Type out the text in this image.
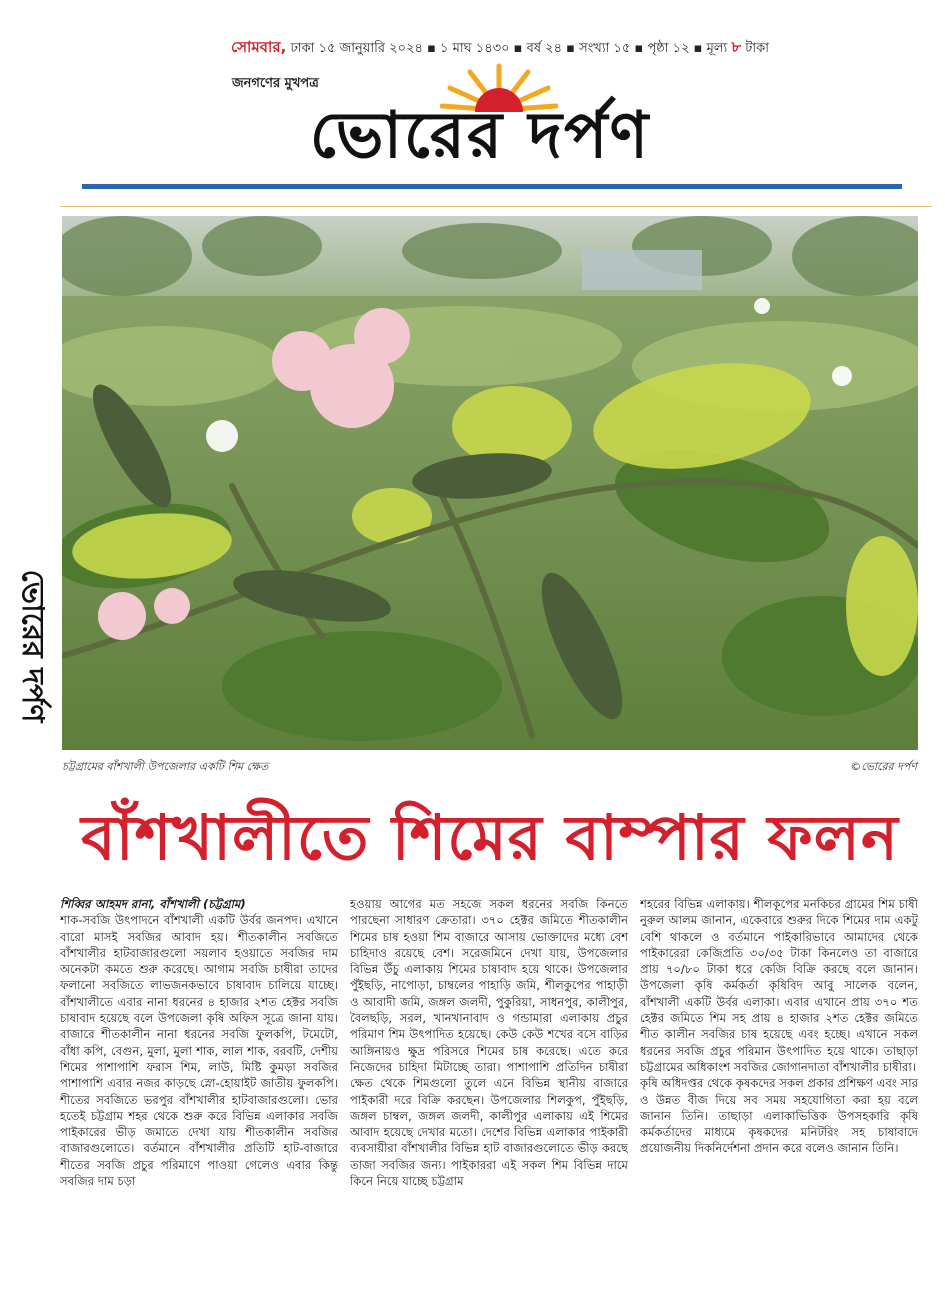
সোমবার, ঢাকা ১৫ জানুয়ারি ২০২৪ ▪ ১ মাঘ ১৪৩০ ▪ বর্ষ ২৪ ▪ সংখ্যা ১৫ ▪ পৃষ্ঠা ১২ ▪ মূল্য ৮ টাকা
জনগণের মুখপত্র
ভোরের দর্পণ
ভোরের দর্পণ
চট্টগ্রামের বাঁশখালী উপজেলার একটি শিম ক্ষেত	©ভোরের দর্পণ
বাঁশখালীতে শিমের বাম্পার ফলন

শিব্বির আহমদ রানা, বাঁশখালী (চট্টগ্রাম)

শাক-সবজি উৎপাদনে বাঁশখালী একটি উর্বর জনপদ। এখানে বারো মাসই সবজির আবাদ হয়। শীতকালীন সবজিতে বাঁশখালীর হাটবাজারগুলো সয়লাব হওয়াতে সবজির দাম অনেকটা কমতে শুরু করেছে। আগাম সবজি চাষীরা তাদের ফলানো সবজিতে লাভজনকভাবে চাষাবাদ চালিয়ে যাচ্ছে। বাঁশখালীতে এবার নানা ধরনের ৪ হাজার ২শত হেক্টর সবজি চাষাবাদ হয়েছে বলে উপজেলা কৃষি অফিস সূত্রে জানা যায়। বাজারে শীতকালীন নানা ধরনের সবজি ফুলকপি, টমেটো, বাঁধা কপি, বেগুন, মুলা, মুলা শাক, লাল শাক, বরবটি, দেশীয় শিমের পাশাপাশি ফরাস শিম, লাউ, মিষ্টি কুমড়া সবজির পাশাপাশি এবার নজর কাড়ছে স্নো-হোয়াইট জাতীয় ফুলকপি। শীতের সবজিতে ভরপুর বাঁশখালীর হাটবাজারগুলো। ভোর হতেই চট্টগ্রাম শহর থেকে শুরু করে বিভিন্ন এলাকার সবজি পাইকারের ভীড় জমাতে দেখা যায় শীতকালীন সবজির বাজারগুলোতে। বর্তমানে বাঁশখালীর প্রতিটি হাট-বাজারে শীতের সবজি প্রচুর পরিমাণে পাওয়া গেলেও এবার কিন্তু সবজির দাম চড়া

হওয়ায় আগের মত সহজে সকল ধরনের সবজি কিনতে পারছেনা সাধারণ ক্রেতারা। ৩৭০ হেক্টর জমিতে শীতকালীন শিমের চাষ হওয়া শিম বাজারে আসায় ভোক্তাদের মধ্যে বেশ চাহিদাও রয়েছে বেশ। সরেজমিনে দেখা যায়, উপজেলার বিভিন্ন উঁচু এলাকায় শিমের চাষাবাদ হয়ে থাকে। উপজেলার পুঁইছড়ি, নাপোড়া, চাম্বলের পাহাড়ি জমি, শীলকুপের পাহাড়ী ও আবাদী জমি, জঙ্গল জলদী, পুকুরিয়া, সাধনপুর, কালীপুর, বৈলছড়ি, সরল, খানখানাবাদ ও গন্ডামারা এলাকায় প্রচুর পরিমাণ শিম উৎপাদিত হয়েছে। কেউ কেউ শখের বসে বাড়ির আঙ্গিনায়ও ক্ষুদ্র পরিসরে শিমের চাষ করেছে। এতে করে নিজেদের চাহিদা মিটাচ্ছে তারা। পাশাপাশি প্রতিদিন চাষীরা ক্ষেত থেকে শিমগুলো তুলে এনে বিভিন্ন স্থানীয় বাজারে পাইকারী দরে বিক্রি করছেন। উপজেলার শিলকুপ, পুঁইছড়ি, জঙ্গল চাম্বল, জঙ্গল জলদী, কালীপুর এলাকায় এই শিমের আবাদ হয়েছে দেখার মতো। দেশের বিভিন্ন এলাকার পাইকারী ব্যবসায়ীরা বাঁশখালীর বিভিন্ন হাট বাজারগুলোতে ভীড় করছে তাজা সবজির জন্য। পাইকাররা এই সকল শিম বিভিন্ন দামে কিনে নিয়ে যাচ্ছে চট্টগ্রাম

শহরের বিভিন্ন এলাকায়। শীলকূপের মনকিচর গ্রামের শিম চাষী নুরুল আলম জানান, একেবারে শুরুর দিকে শিমের দাম একটু বেশি থাকলে ও বর্তমানে পাইকারিভাবে আমাদের থেকে পাইকারেরা কেজিপ্রতি ৩০/৩৫ টাকা কিনলেও তা বাজারে প্রায় ৭০/৮০ টাকা ধরে কেজি বিক্রি করছে বলে জানান। উপজেলা কৃষি কর্মকর্তা কৃষিবিদ আবু সালেক বলেন, বাঁশখালী একটি উর্বর এলাকা। এবার এখানে প্রায় ৩৭০ শত হেক্টর জমিতে শিম সহ প্রায় ৪ হাজার ২শত হেক্টর জমিতে শীত কালীন সবজির চাষ হয়েছে এবং হচ্ছে। এখানে সকল ধরনের সবজি প্রচুর পরিমান উৎপাদিত হয়ে থাকে। তাছাড়া চট্টগ্রামের অধিকাংশ সবজির জোগানদাতা বাঁশখালীর চাষীরা।

কৃষি অধিদপ্তর থেকে কৃষকদের সকল প্রকার প্রশিক্ষণ এবং সার ও উন্নত বীজ দিয়ে সব সময় সহযোগিতা করা হয় বলে জানান তিনি। তাছাড়া এলাকাভিত্তিক উপসহকারি কৃষি কর্মকর্তাদের মাধ্যমে কৃষকদের মনিটরিং সহ চাষাবাদে প্রয়োজনীয় দিকনির্দেশনা প্রদান করে বলেও জানান তিনি।
